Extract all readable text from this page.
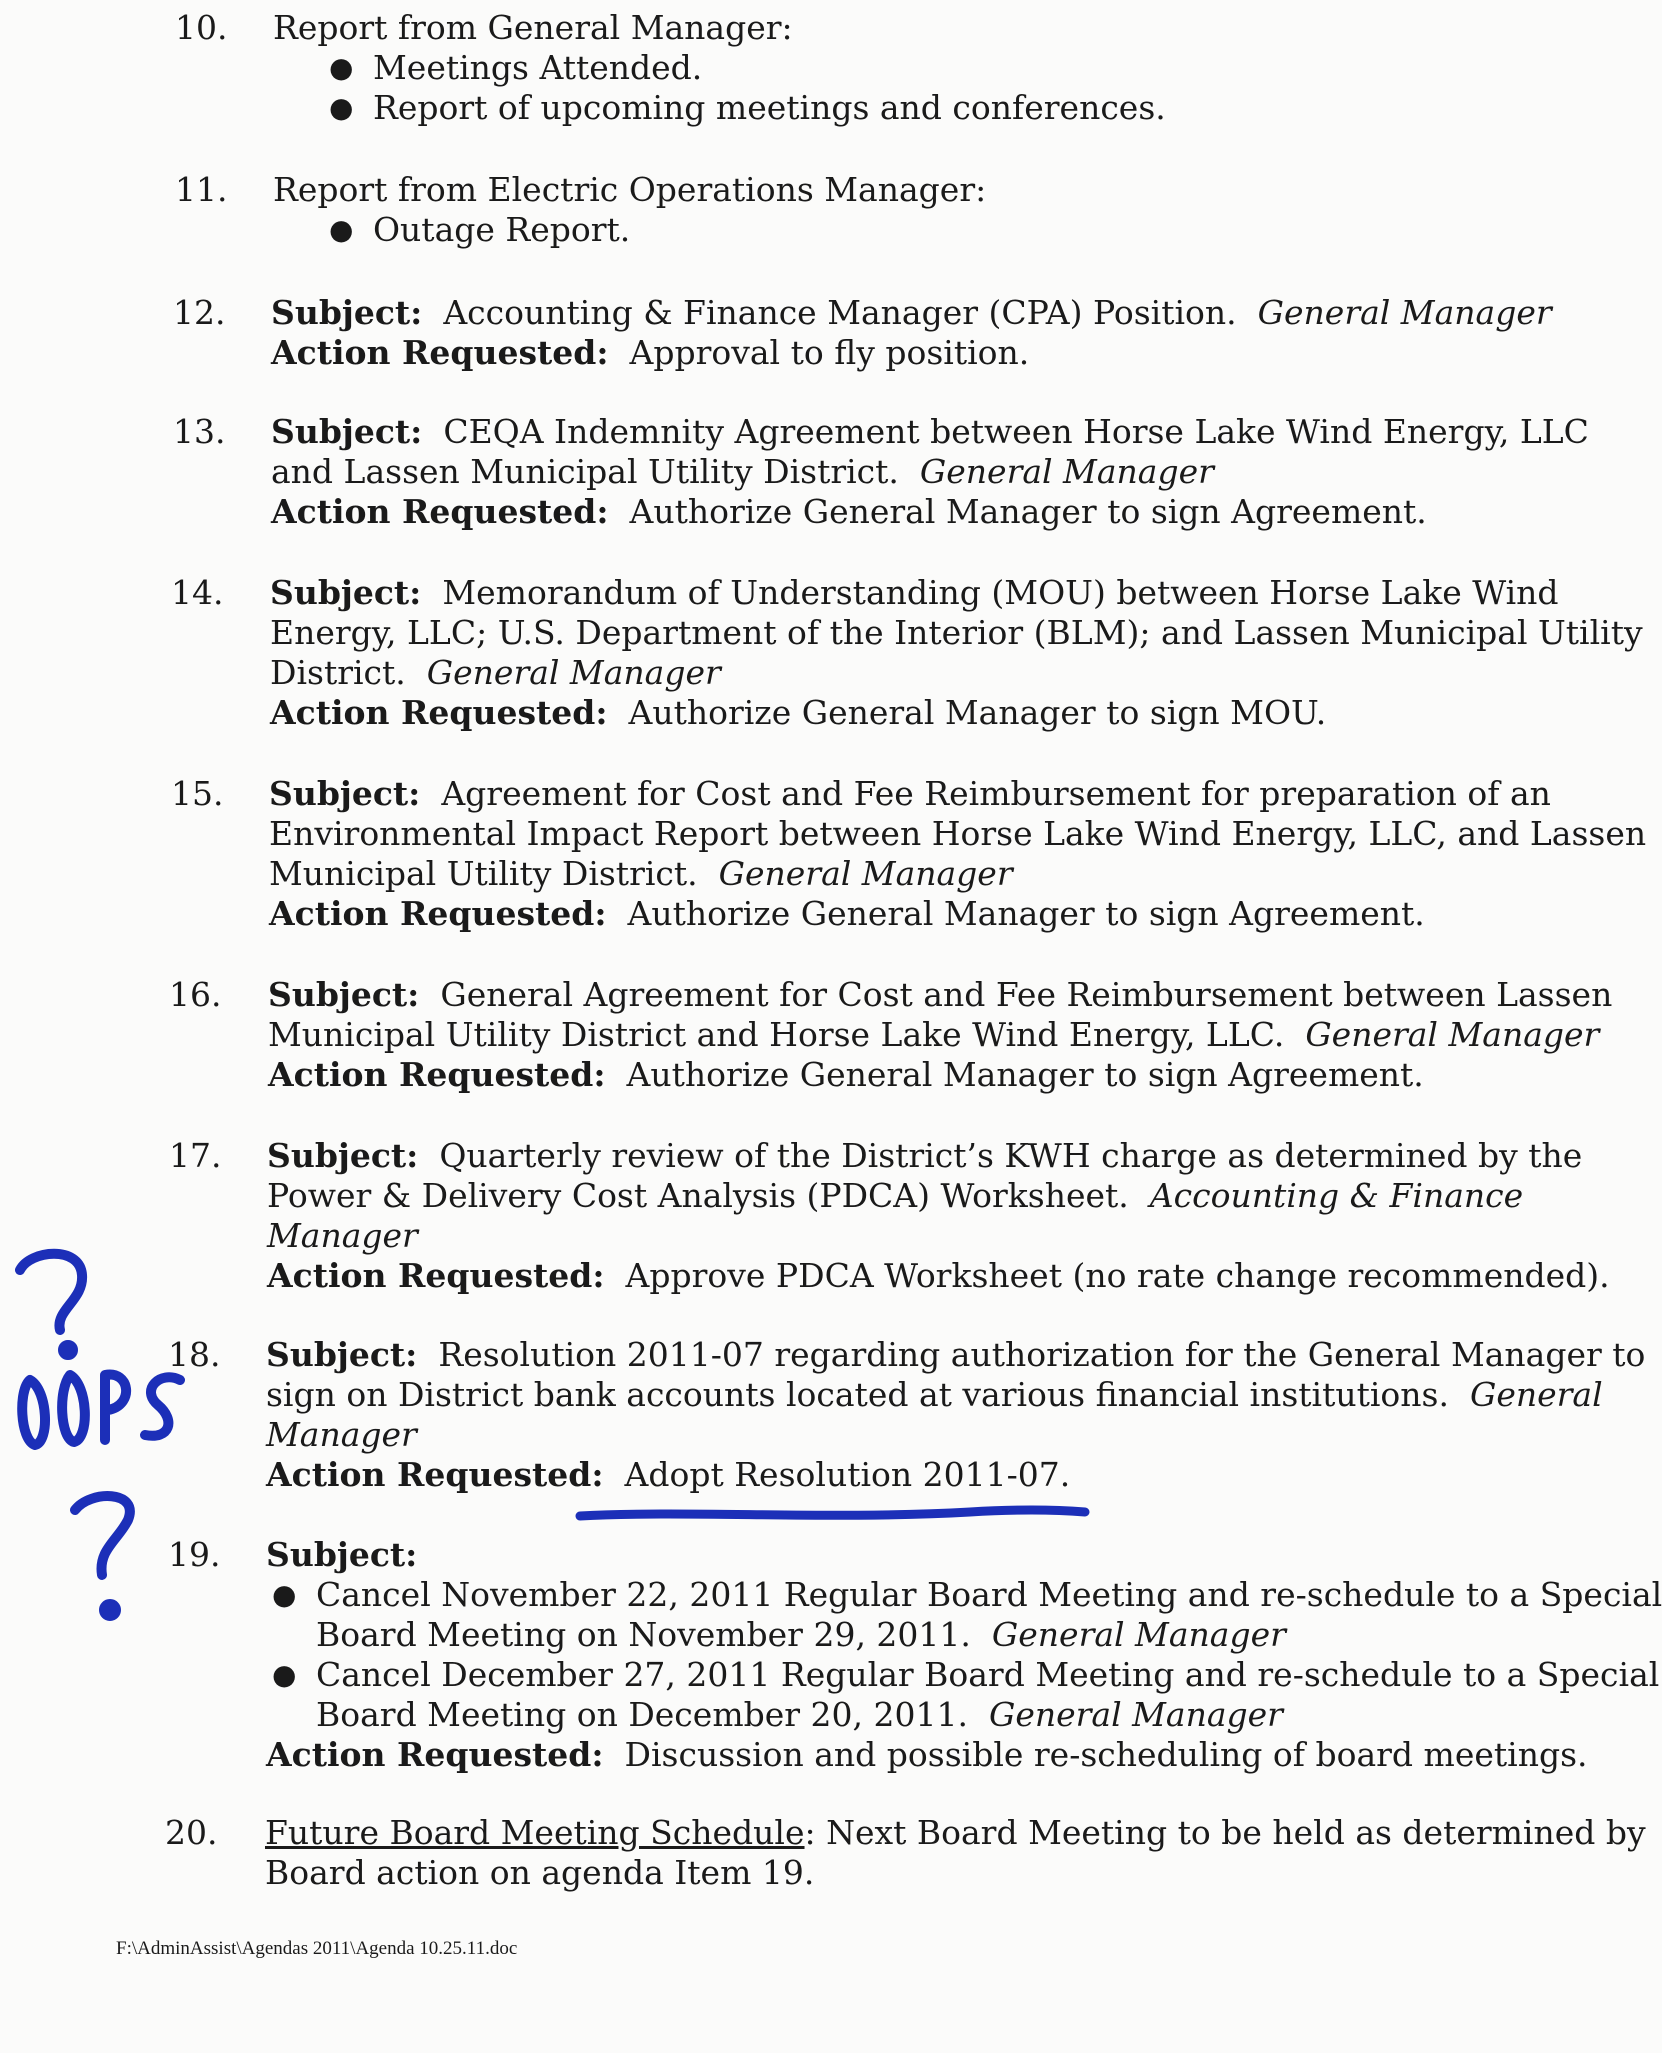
10. Report from General Manager:
● Meetings Attended.
● Report of upcoming meetings and conferences.
11. Report from Electric Operations Manager:
● Outage Report.
12. Subject: Accounting & Finance Manager (CPA) Position. General Manager
Action Requested: Approval to fly position.
13. Subject: CEQA Indemnity Agreement between Horse Lake Wind Energy, LLC
and Lassen Municipal Utility District. General Manager
Action Requested: Authorize General Manager to sign Agreement.
14. Subject: Memorandum of Understanding (MOU) between Horse Lake Wind
Energy, LLC; U.S. Department of the Interior (BLM); and Lassen Municipal Utility
District. General Manager
Action Requested: Authorize General Manager to sign MOU.
15. Subject: Agreement for Cost and Fee Reimbursement for preparation of an
Environmental Impact Report between Horse Lake Wind Energy, LLC, and Lassen
Municipal Utility District. General Manager
Action Requested: Authorize General Manager to sign Agreement.
16. Subject: General Agreement for Cost and Fee Reimbursement between Lassen
Municipal Utility District and Horse Lake Wind Energy, LLC. General Manager
Action Requested: Authorize General Manager to sign Agreement.
17. Subject: Quarterly review of the District’s KWH charge as determined by the
Power & Delivery Cost Analysis (PDCA) Worksheet. Accounting & Finance
Manager
Action Requested: Approve PDCA Worksheet (no rate change recommended).
18. Subject: Resolution 2011-07 regarding authorization for the General Manager to
sign on District bank accounts located at various financial institutions. General
Manager
Action Requested: Adopt Resolution 2011-07.
19. Subject:
● Cancel November 22, 2011 Regular Board Meeting and re-schedule to a Special
Board Meeting on November 29, 2011. General Manager
● Cancel December 27, 2011 Regular Board Meeting and re-schedule to a Special
Board Meeting on December 20, 2011. General Manager
Action Requested: Discussion and possible re-scheduling of board meetings.
20. Future Board Meeting Schedule: Next Board Meeting to be held as determined by
Board action on agenda Item 19.
F:\AdminAssist\Agendas 2011\Agenda 10.25.11.doc
